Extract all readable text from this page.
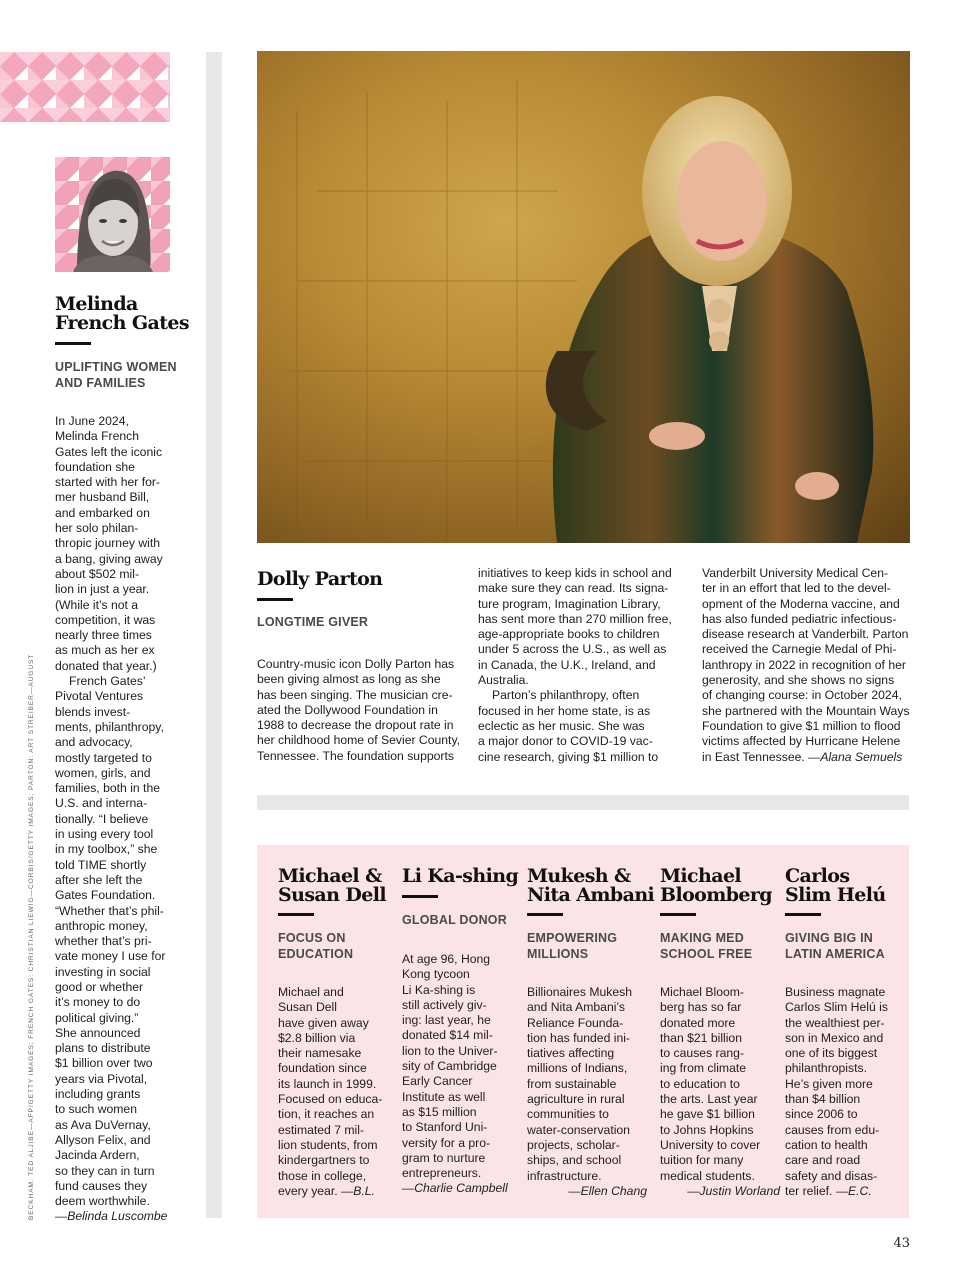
BECKHAM: TED ALJIBE—AFP/GETTY IMAGES; FRENCH GATES: CHRISTIAN LIEWIG—CORBIS/GETTY IMAGES; PARTON: ART STREIBER—AUGUST
Melinda
French Gates
UPLIFTING WOMEN
AND FAMILIES
In June 2024,
Melinda French
Gates left the iconic
foundation she
started with her for-
mer husband Bill,
and embarked on
her solo philan-
thropic journey with
a bang, giving away
about $502 mil-
lion in just a year.
(While it’s not a
competition, it was
nearly three times
as much as her ex
donated that year.)
French Gates’
Pivotal Ventures
blends invest-
ments, philanthropy,
and advocacy,
mostly targeted to
women, girls, and
families, both in the
U.S. and interna-
tionally. “I believe
in using every tool
in my toolbox,” she
told TIME shortly
after she left the
Gates Foundation.
“Whether that’s phil-
anthropic money,
whether that’s pri-
vate money I use for
investing in social
good or whether
it’s money to do
political giving.”
She announced
plans to distribute
$1 billion over two
years via Pivotal,
including grants
to such women
as Ava DuVernay,
Allyson Felix, and
Jacinda Ardern,
so they can in turn
fund causes they
deem worthwhile.
—Belinda Luscombe
Dolly Parton
LONGTIME GIVER
Country-music icon Dolly Parton has
been giving almost as long as she
has been singing. The musician cre-
ated the Dollywood Foundation in
1988 to decrease the dropout rate in
her childhood home of Sevier County,
Tennessee. The foundation supports
initiatives to keep kids in school and
make sure they can read. Its signa-
ture program, Imagination Library,
has sent more than 270 million free,
age-appropriate books to children
under 5 across the U.S., as well as
in Canada, the U.K., Ireland, and
Australia.
Parton’s philanthropy, often
focused in her home state, is as
eclectic as her music. She was
a major donor to COVID-19 vac-
cine research, giving $1 million to
Vanderbilt University Medical Cen-
ter in an effort that led to the devel-
opment of the Moderna vaccine, and
has also funded pediatric infectious-
disease research at Vanderbilt. Parton
received the Carnegie Medal of Phi-
lanthropy in 2022 in recognition of her
generosity, and she shows no signs
of changing course: in October 2024,
she partnered with the Mountain Ways
Foundation to give $1 million to flood
victims affected by Hurricane Helene
in East Tennessee. —Alana Semuels
Michael &
Susan Dell
FOCUS ON
EDUCATION
Michael and
Susan Dell
have given away
$2.8 billion via
their namesake
foundation since
its launch in 1999.
Focused on educa-
tion, it reaches an
estimated 7 mil-
lion students, from
kindergartners to
those in college,
every year. —B.L.
Li Ka-shing
GLOBAL DONOR
At age 96, Hong
Kong tycoon
Li Ka-shing is
still actively giv-
ing: last year, he
donated $14 mil-
lion to the Univer-
sity of Cambridge
Early Cancer
Institute as well
as $15 million
to Stanford Uni-
versity for a pro-
gram to nurture
entrepreneurs.
—Charlie Campbell
Mukesh &
Nita Ambani
EMPOWERING
MILLIONS
Billionaires Mukesh
and Nita Ambani’s
Reliance Founda-
tion has funded ini-
tiatives affecting
millions of Indians,
from sustainable
agriculture in rural
communities to
water-conservation
projects, scholar-
ships, and school
infrastructure.
—Ellen Chang
Michael
Bloomberg
MAKING MED
SCHOOL FREE
Michael Bloom-
berg has so far
donated more
than $21 billion
to causes rang-
ing from climate
to education to
the arts. Last year
he gave $1 billion
to Johns Hopkins
University to cover
tuition for many
medical students.
—Justin Worland
Carlos
Slim Helú
GIVING BIG IN
LATIN AMERICA
Business magnate
Carlos Slim Helú is
the wealthiest per-
son in Mexico and
one of its biggest
philanthropists.
He’s given more
than $4 billion
since 2006 to
causes from edu-
cation to health
care and road
safety and disas-
ter relief. —E.C.
43
